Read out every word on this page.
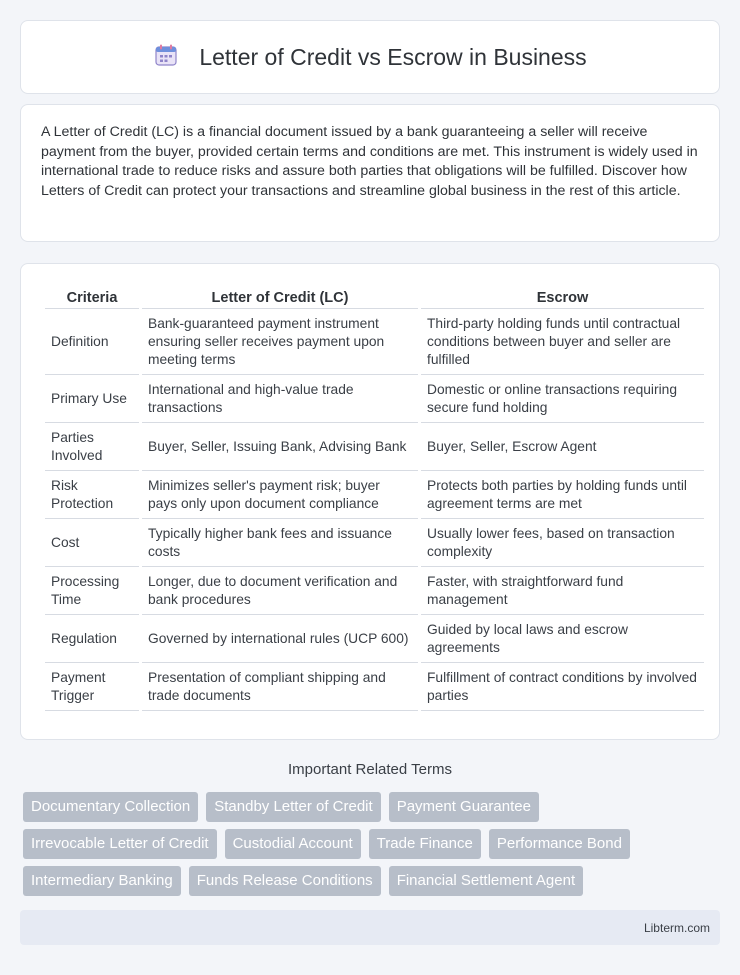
Letter of Credit vs Escrow in Business

A Letter of Credit (LC) is a financial document issued by a bank guaranteeing a seller will receive payment from the buyer, provided certain terms and conditions are met. This instrument is widely used in international trade to reduce risks and assure both parties that obligations will be fulfilled. Discover how Letters of Credit can protect your transactions and streamline global business in the rest of this article.

Criteria	Letter of Credit (LC)	Escrow
Definition	Bank-guaranteed payment instrument ensuring seller receives payment upon meeting terms	Third-party holding funds until contractual conditions between buyer and seller are fulfilled
Primary Use	International and high-value trade transactions	Domestic or online transactions requiring secure fund holding
Parties Involved	Buyer, Seller, Issuing Bank, Advising Bank	Buyer, Seller, Escrow Agent
Risk Protection	Minimizes seller's payment risk; buyer pays only upon document compliance	Protects both parties by holding funds until agreement terms are met
Cost	Typically higher bank fees and issuance costs	Usually lower fees, based on transaction complexity
Processing Time	Longer, due to document verification and bank procedures	Faster, with straightforward fund management
Regulation	Governed by international rules (UCP 600)	Guided by local laws and escrow agreements
Payment Trigger	Presentation of compliant shipping and trade documents	Fulfillment of contract conditions by involved parties
Important Related Terms
Documentary Collection	Standby Letter of Credit	Payment Guarantee
Irrevocable Letter of Credit	Custodial Account	Trade Finance	Performance Bond
Intermediary Banking	Funds Release Conditions	Financial Settlement Agent
Libterm.com
